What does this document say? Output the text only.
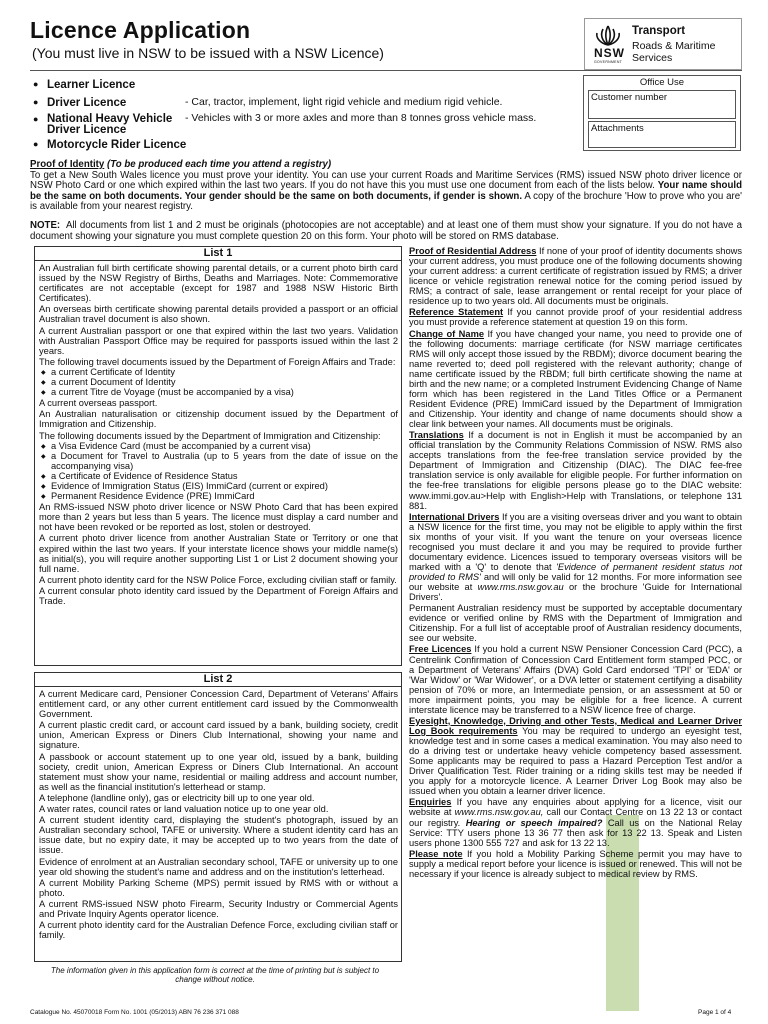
Licence Application
(You must live in NSW to be issued with a NSW Licence)	NSW
GOVERNMENT
Transport
Roads & Maritime
Services
● Learner Licence
● Driver Licence	- Car, tractor, implement, light rigid vehicle and medium rigid vehicle.
● National Heavy Vehicle Driver Licence
- Vehicles with 3 or more axles and more than 8 tonnes gross vehicle mass.
● Motorcycle Rider Licence
Office Use
Customer number
Attachments
Proof of Identity (To be produced each time you attend a registry)
To get a New South Wales licence you must prove your identity. You can use your current Roads and Maritime Services (RMS) issued NSW photo driver licence or NSW Photo Card or one which expired within the last two years. If you do not have this you must use one document from each of the lists below. Your name should be the same on both documents. Your gender should be the same on both documents, if gender is shown. A copy of the brochure 'How to prove who you are' is available from your nearest registry.
NOTE: All documents from list 1 and 2 must be originals (photocopies are not acceptable) and at least one of them must show your signature. If you do not have a document showing your signature you must complete question 20 on this form. Your photo will be stored on RMS database.
List 1

An Australian full birth certificate showing parental details, or a current photo birth card issued by the NSW Registry of Births, Deaths and Marriages. Note: Commemorative certificates are not acceptable (except for 1987 and 1988 NSW Historic Birth Certificates).

An overseas birth certificate showing parental details provided a passport or an official Australian travel document is also shown.

A current Australian passport or one that expired within the last two years. Validation with Australian Passport Office may be required for passports issued within the last 2 years.

The following travel documents issued by the Department of Foreign Affairs and Trade:

◆ a current Certificate of Identity

◆ a current Document of Identity

◆ a current Titre de Voyage (must be accompanied by a visa)

A current overseas passport.

An Australian naturalisation or citizenship document issued by the Department of Immigration and Citizenship.

The following documents issued by the Department of Immigration and Citizenship:

◆ a Visa Evidence Card (must be accompanied by a current visa)

◆ a Document for Travel to Australia (up to 5 years from the date of issue on the accompanying visa)

◆ a Certificate of Evidence of Residence Status

◆ Evidence of Immigration Status (EIS) ImmiCard (current or expired)

◆ Permanent Residence Evidence (PRE) ImmiCard

An RMS-issued NSW photo driver licence or NSW Photo Card that has been expired more than 2 years but less than 5 years. The licence must display a card number and not have been revoked or be reported as lost, stolen or destroyed.

A current photo driver licence from another Australian State or Territory or one that expired within the last two years. If your interstate licence shows your middle name(s) as initial(s), you will require another supporting List 1 or List 2 document showing your full name.

A current photo identity card for the NSW Police Force, excluding civilian staff or family.

A current consular photo identity card issued by the Department of Foreign Affairs and Trade.

List 2

A current Medicare card, Pensioner Concession Card, Department of Veterans' Affairs entitlement card, or any other current entitlement card issued by the Commonwealth Government.

A current plastic credit card, or account card issued by a bank, building society, credit union, American Express or Diners Club International, showing your name and signature.

A passbook or account statement up to one year old, issued by a bank, building society, credit union, American Express or Diners Club International. An account statement must show your name, residential or mailing address and account number, as well as the financial institution's letterhead or stamp.

A telephone (landline only), gas or electricity bill up to one year old.

A water rates, council rates or land valuation notice up to one year old.

A current student identity card, displaying the student's photograph, issued by an Australian secondary school, TAFE or university. Where a student identity card has an issue date, but no expiry date, it may be accepted up to two years from the date of issue.

Evidence of enrolment at an Australian secondary school, TAFE or university up to one year old showing the student's name and address and on the institution's letterhead.

A current Mobility Parking Scheme (MPS) permit issued by RMS with or without a photo.

A current RMS-issued NSW photo Firearm, Security Industry or Commercial Agents and Private Inquiry Agents operator licence.

A current photo identity card for the Australian Defence Force, excluding civilian staff or family.

The information given in this application form is correct at the time of printing but is subject to change without notice.

Proof of Residential Address If none of your proof of identity documents shows your current address, you must produce one of the following documents showing your current address: a current certificate of registration issued by RMS; a driver licence or vehicle registration renewal notice for the coming period issued by RMS; a contract of sale, lease arrangement or rental receipt for your place of residence up to two years old. All documents must be originals.

Reference Statement If you cannot provide proof of your residential address you must provide a reference statement at question 19 on this form.

Change of Name If you have changed your name, you need to provide one of the following documents: marriage certificate (for NSW marriage certificates RMS will only accept those issued by the RBDM); divorce document bearing the name reverted to; deed poll registered with the relevant authority; change of name certificate issued by the RBDM; full birth certificate showing the name at birth and the new name; or a completed Instrument Evidencing Change of Name form which has been registered in the Land Titles Office or a Permanent Resident Evidence (PRE) ImmiCard issued by the Department of Immigration and Citizenship. Your identity and change of name documents should show a clear link between your names. All documents must be originals.

Translations If a document is not in English it must be accompanied by an official translation by the Community Relations Commission of NSW. RMS also accepts translations from the fee-free translation service provided by the Department of Immigration and Citizenship (DIAC). The DIAC fee-free translation service is only available for eligible people. For further information on the fee-free translations for eligible persons please go to the DIAC website: www.immi.gov.au>Help with English>Help with Translations, or telephone 131 881.

International Drivers If you are a visiting overseas driver and you want to obtain a NSW licence for the first time, you may not be eligible to apply within the first six months of your visit. If you want the tenure on your overseas licence recognised you must declare it and you may be required to provide further documentary evidence. Licences issued to temporary overseas visitors will be marked with a 'Q' to denote that 'Evidence of permanent resident status not provided to RMS' and will only be valid for 12 months. For more information see our website at www.rms.nsw.gov.au or the brochure 'Guide for International Drivers'.

Permanent Australian residency must be supported by acceptable documentary evidence or verified online by RMS with the Department of Immigration and Citizenship. For a full list of acceptable proof of Australian residency documents, see our website.

Free Licences If you hold a current NSW Pensioner Concession Card (PCC), a Centrelink Confirmation of Concession Card Entitlement form stamped PCC, or a Department of Veterans' Affairs (DVA) Gold Card endorsed 'TPI' or 'EDA' or 'War Widow' or 'War Widower', or a DVA letter or statement certifying a disability pension of 70% or more, an Intermediate pension, or an assessment at 50 or more impairment points, you may be eligible for a free licence. A current interstate licence may be transferred to a NSW licence free of charge.

Eyesight, Knowledge, Driving and other Tests, Medical and Learner Driver Log Book requirements You may be required to undergo an eyesight test, knowledge test and in some cases a medical examination. You may also need to do a driving test or undertake heavy vehicle competency based assessment. Some applicants may be required to pass a Hazard Perception Test and/or a Driver Qualification Test. Rider training or a riding skills test may be needed if you apply for a motorcycle licence. A Learner Driver Log Book may also be issued when you obtain a learner driver licence.

Enquiries If you have any enquiries about applying for a licence, visit our website at www.rms.nsw.gov.au, call our Contact Centre on 13 22 13 or contact our registry. Hearing or speech impaired? Call us on the National Relay Service: TTY users phone 13 36 77 then ask for 13 22 13. Speak and Listen users phone 1300 555 727 and ask for 13 22 13.

Please note If you hold a Mobility Parking Scheme permit you may have to supply a medical report before your licence is issued or renewed. This will not be necessary if your licence is already subject to medical review by RMS.

Catalogue No. 45070018 Form No. 1001 (05/2013) ABN 76 236 371 088	Page 1 of 4
